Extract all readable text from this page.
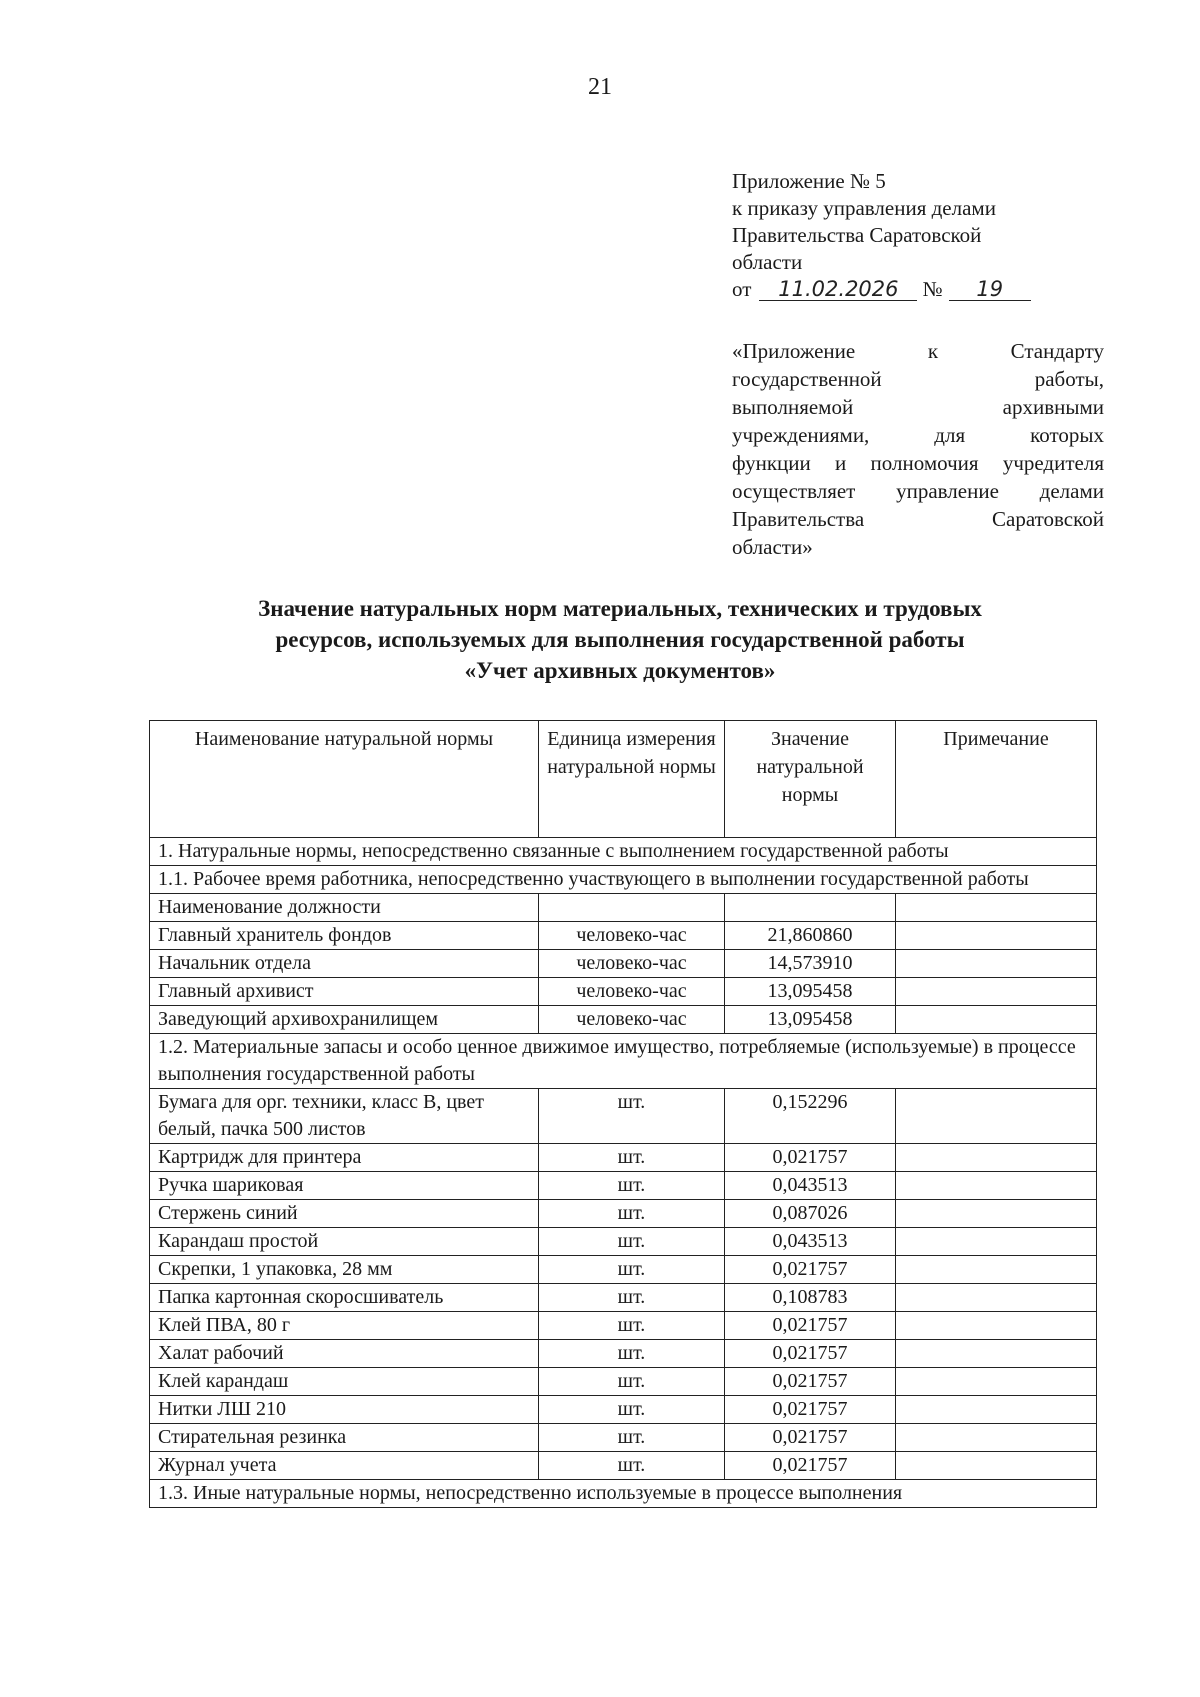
21
Приложение № 5
к приказу управления делами
Правительства Саратовской
области
от 11.02.2026 № 19
«Приложение к Стандарту
государственной работы,
выполняемой архивными
учреждениями, для которых
функции и полномочия учредителя
осуществляет управление делами
Правительства Саратовской
области»
Значение натуральных норм материальных, технических и трудовых
ресурсов, используемых для выполнения государственной работы
«Учет архивных документов»
Наименование натуральной нормы	Единица измерения натуральной нормы	Значение натуральной нормы	Примечание
1. Натуральные нормы, непосредственно связанные с выполнением государственной работы			
1.1. Рабочее время работника, непосредственно участвующего в выполнении государственной работы			
Наименование должности			
Главный хранитель фондов	человеко-час	21,860860	
Начальник отдела	человеко-час	14,573910	
Главный архивист	человеко-час	13,095458	
Заведующий архивохранилищем	человеко-час	13,095458	
1.2. Материальные запасы и особо ценное движимое имущество, потребляемые (используемые) в процессе выполнения государственной работы			
Бумага для орг. техники, класс В, цвет белый, пачка 500 листов	шт.	0,152296	
Картридж для принтера	шт.	0,021757	
Ручка шариковая	шт.	0,043513	
Стержень синий	шт.	0,087026	
Карандаш простой	шт.	0,043513	
Скрепки, 1 упаковка, 28 мм	шт.	0,021757	
Папка картонная скоросшиватель	шт.	0,108783	
Клей ПВА, 80 г	шт.	0,021757	
Халат рабочий	шт.	0,021757	
Клей карандаш	шт.	0,021757	
Нитки ЛШ 210	шт.	0,021757	
Стирательная резинка	шт.	0,021757	
Журнал учета	шт.	0,021757	
1.3. Иные натуральные нормы, непосредственно используемые в процессе выполнения			
